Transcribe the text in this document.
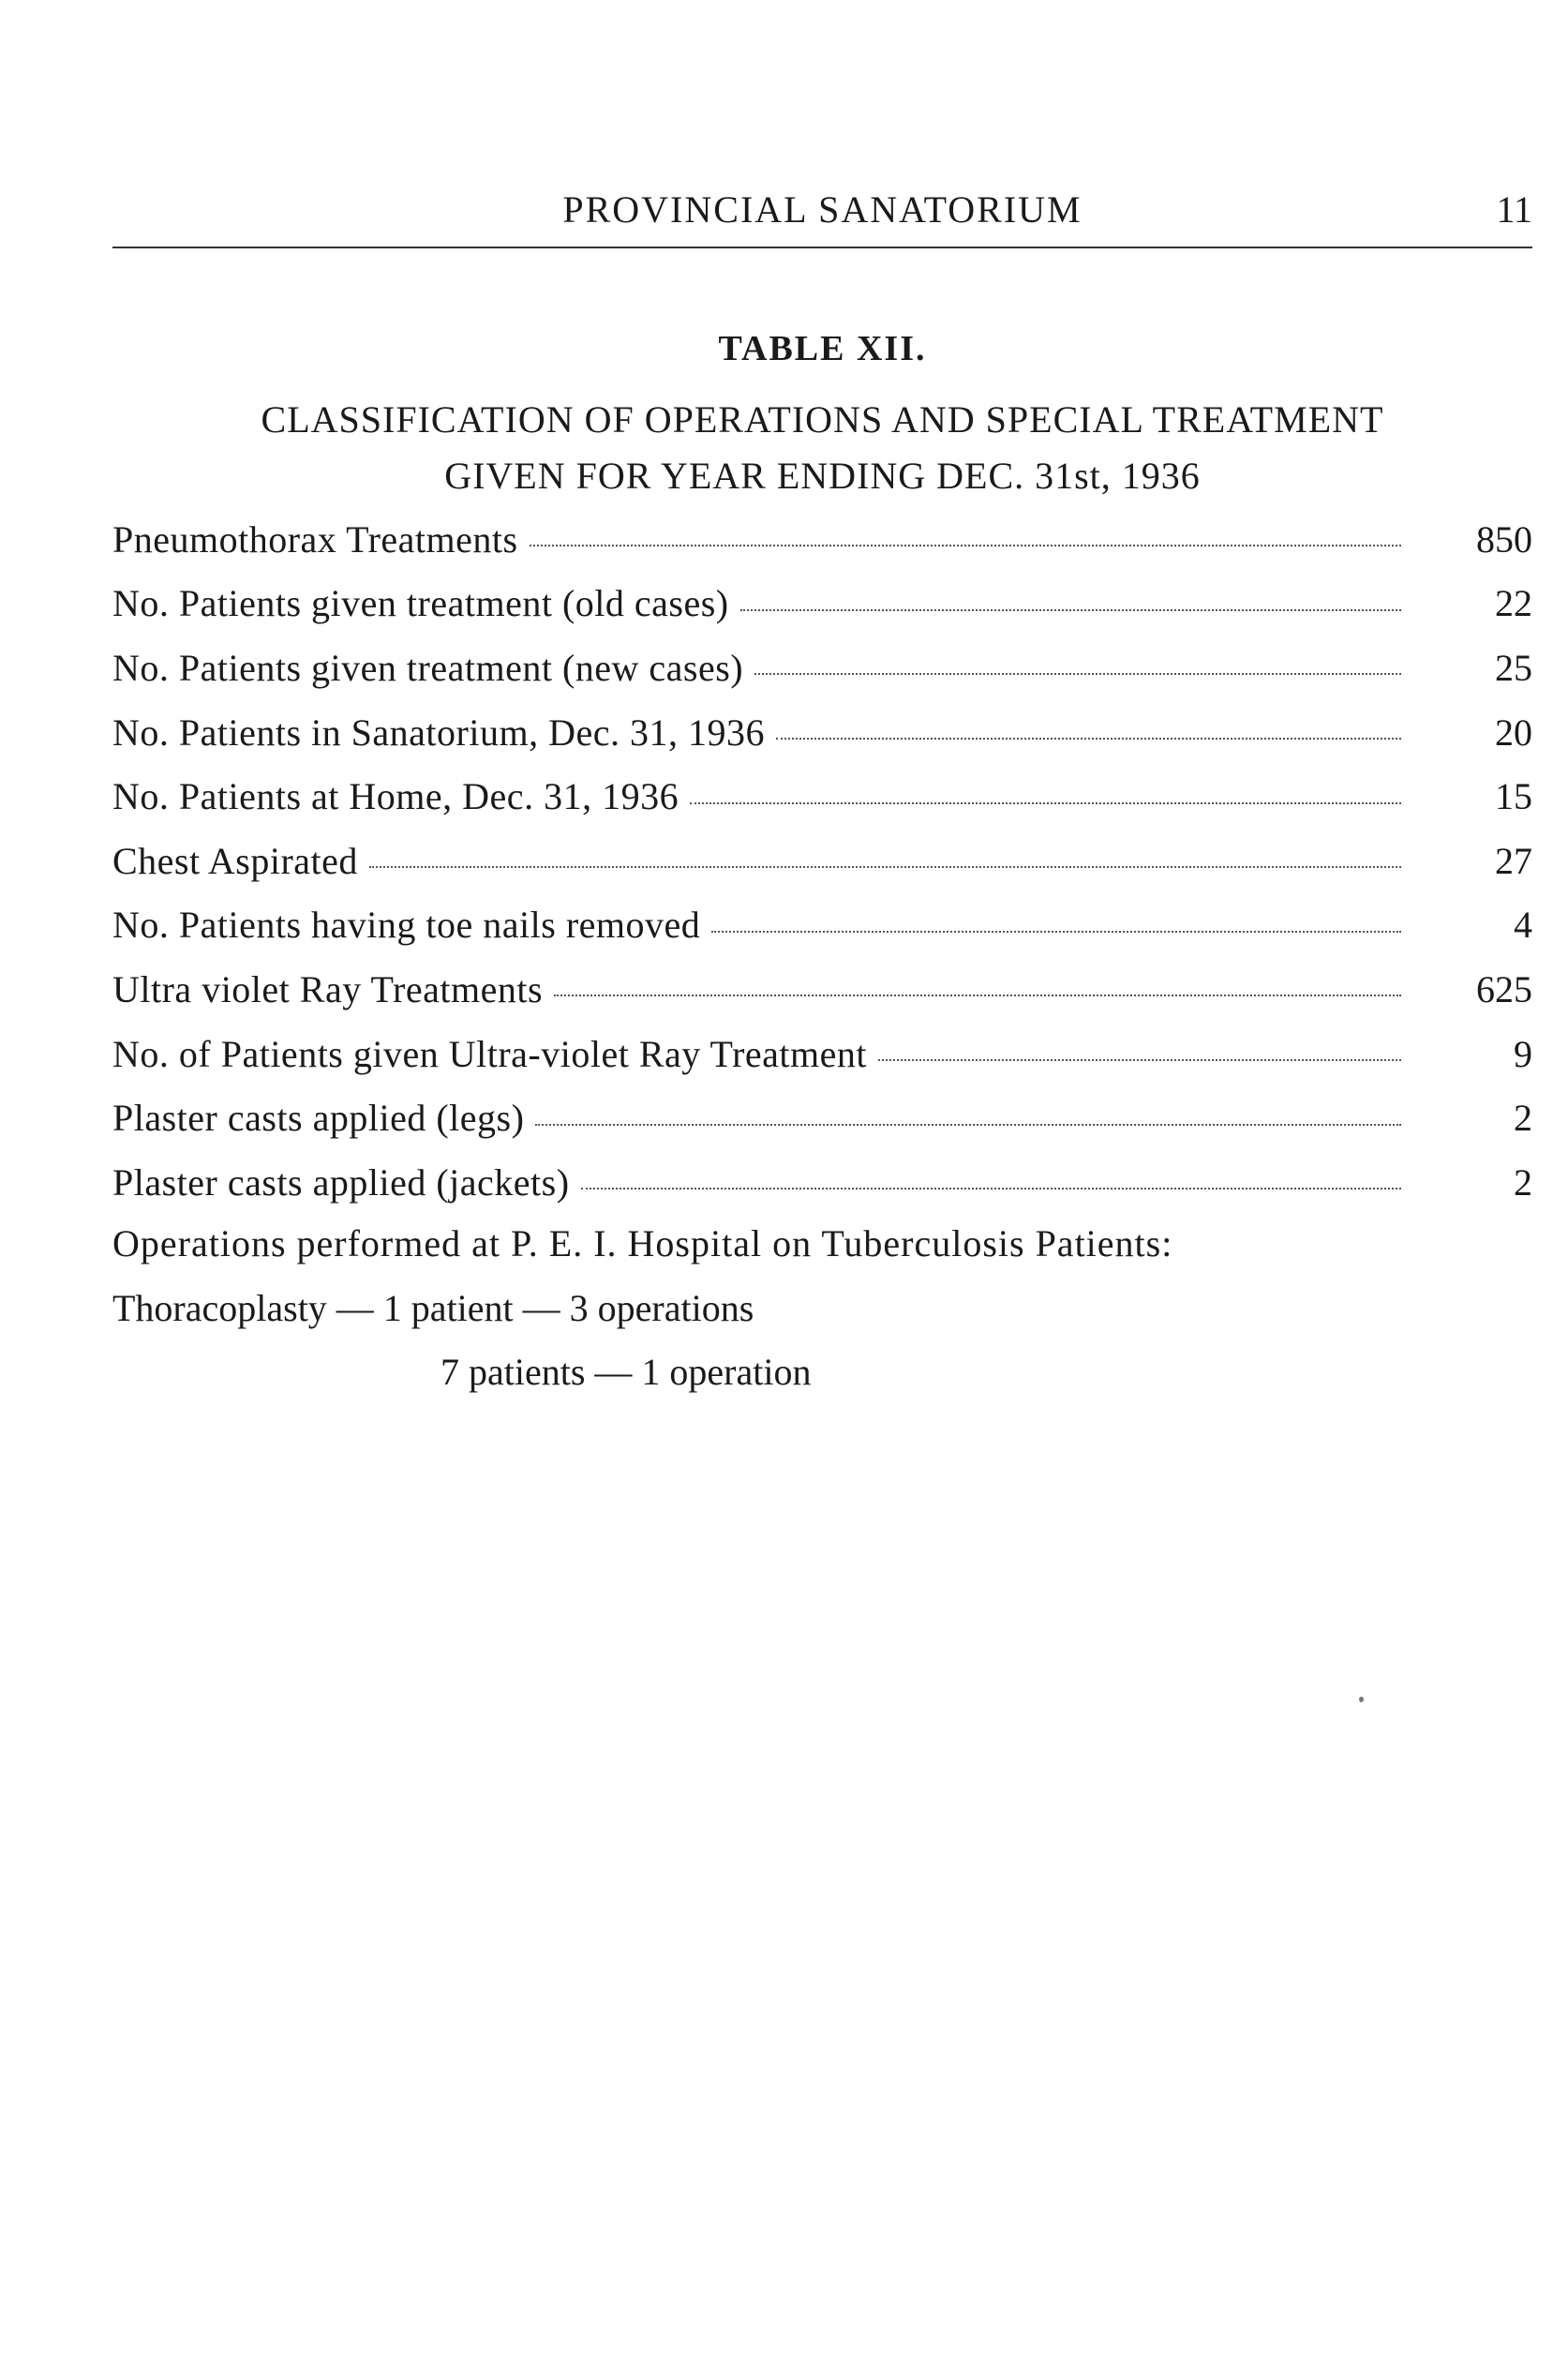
PROVINCIAL SANATORIUM	11
TABLE XII.
CLASSIFICATION OF OPERATIONS AND SPECIAL TREATMENT
GIVEN FOR YEAR ENDING DEC. 31st, 1936
Pneumothorax Treatments	850
No. Patients given treatment (old cases)	22
No. Patients given treatment (new cases)	25
No. Patients in Sanatorium, Dec. 31, 1936	20
No. Patients at Home, Dec. 31, 1936	15
Chest Aspirated	27
No. Patients having toe nails removed	4
Ultra violet Ray Treatments	625
No. of Patients given Ultra-violet Ray Treatment	9
Plaster casts applied (legs)	2
Plaster casts applied (jackets)	2
Operations performed at P. E. I. Hospital on Tuberculosis Patients:
Thoracoplasty — 1 patient — 3 operations
7 patients — 1 operation
